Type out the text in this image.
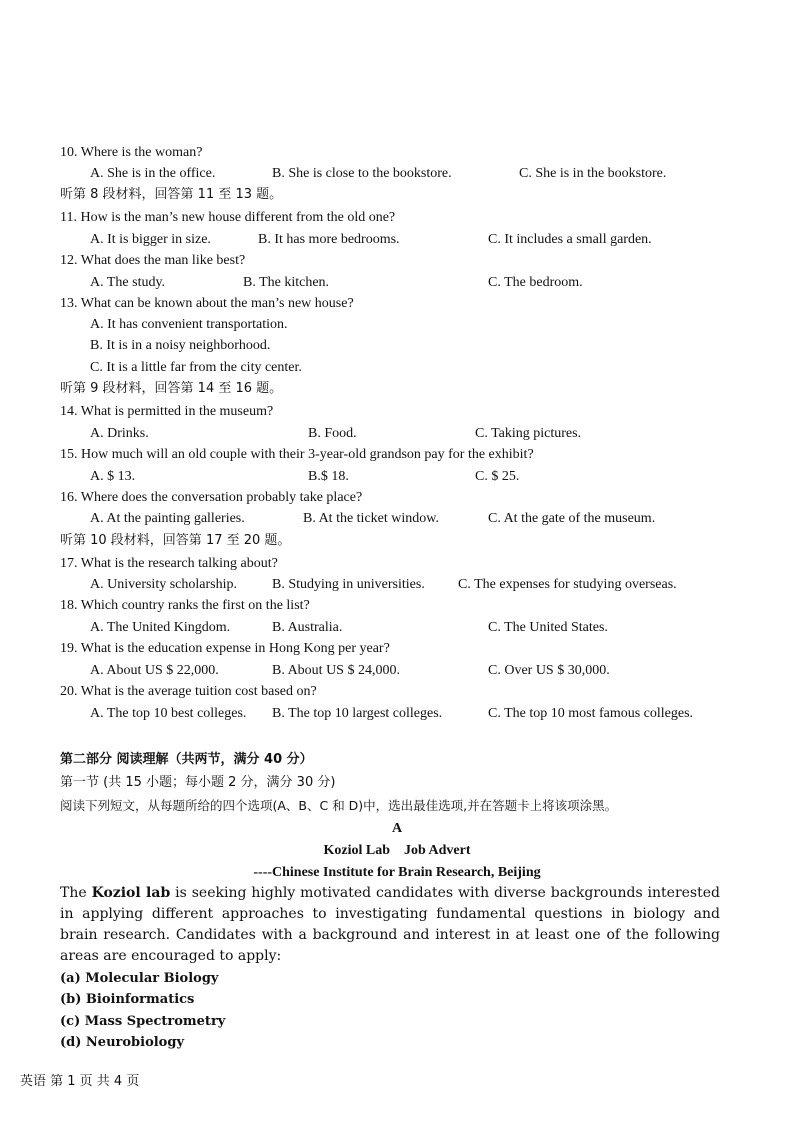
10. Where is the woman?
A. She is in the office.	B. She is close to the bookstore.	C. She is in the bookstore.
听第 8 段材料，回答第 11 至 13 题。
11. How is the man’s new house different from the old one?
A. It is bigger in size.	B. It has more bedrooms.	C. It includes a small garden.
12. What does the man like best?
A. The study.	B. The kitchen.	C. The bedroom.
13. What can be known about the man’s new house?
A. It has convenient transportation.
B. It is in a noisy neighborhood.
C. It is a little far from the city center.
听第 9 段材料，回答第 14 至 16 题。
14. What is permitted in the museum?
A. Drinks.	B. Food.	C. Taking pictures.
15. How much will an old couple with their 3-year-old grandson pay for the exhibit?
A. $ 13.	B.$ 18.	C. $ 25.
16. Where does the conversation probably take place?
A. At the painting galleries.	B. At the ticket window.	C. At the gate of the museum.
听第 10 段材料，回答第 17 至 20 题。
17. What is the research talking about?
A. University scholarship.	B. Studying in universities. C. The expenses for studying overseas.
18. Which country ranks the first on the list?
A. The United Kingdom.	B. Australia.	C. The United States.
19. What is the education expense in Hong Kong per year?
A. About US $ 22,000.	B. About US $ 24,000.	C. Over US $ 30,000.
20. What is the average tuition cost based on?
A. The top 10 best colleges. B. The top 10 largest colleges.	C. The top 10 most famous colleges.
第二部分 阅读理解（共两节，满分 40 分）
第一节 (共 15 小题；每小题 2 分，满分 30 分)
阅读下列短文，从每题所给的四个选项(A、B、C 和 D)中，选出最佳选项,并在答题卡上将该项涂黑。
A
Koziol Lab    Job Advert
----Chinese Institute for Brain Research, Beijing
The Koziol lab is seeking highly motivated candidates with diverse backgrounds interested in applying different approaches to investigating fundamental questions in biology and brain research. Candidates with a background and interest in at least one of the following areas are encouraged to apply:
(a) Molecular Biology
(b) Bioinformatics
(c) Mass Spectrometry
(d) Neurobiology
英语 第 1 页 共 4 页
